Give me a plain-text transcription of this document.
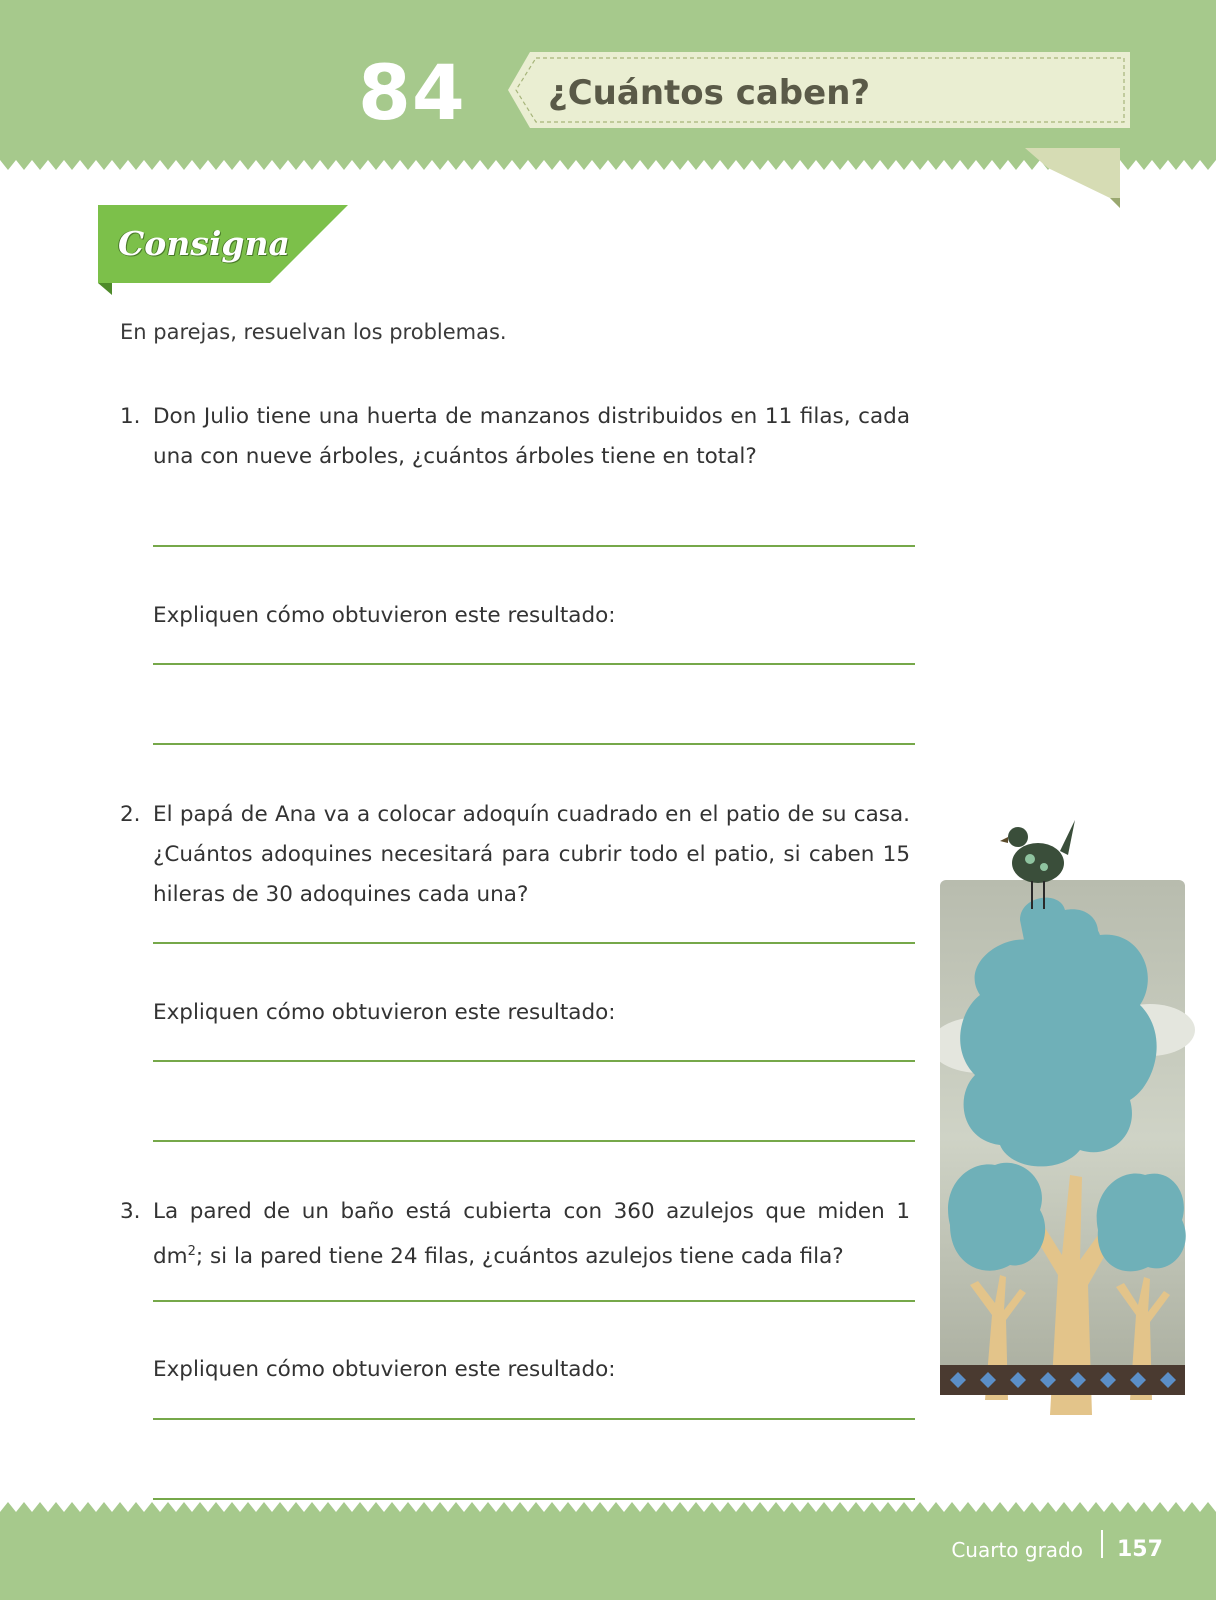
84 ¿Cuántos caben?
Consigna
En parejas, resuelvan los problemas.
1. Don Julio tiene una huerta de manzanos distribuidos en 11 filas, cada una con nueve árboles, ¿cuántos árboles tiene en total?
Expliquen cómo obtuvieron este resultado:
2. El papá de Ana va a colocar adoquín cuadrado en el patio de su casa. ¿Cuántos adoquines necesitará para cubrir todo el patio, si caben 15 hileras de 30 adoquines cada una?
Expliquen cómo obtuvieron este resultado:
3. La pared de un baño está cubierta con 360 azulejos que miden 1 $dm^2$; si la pared tiene 24 filas, ¿cuántos azulejos tiene cada fila?
Expliquen cómo obtuvieron este resultado:
Cuarto grado 157
